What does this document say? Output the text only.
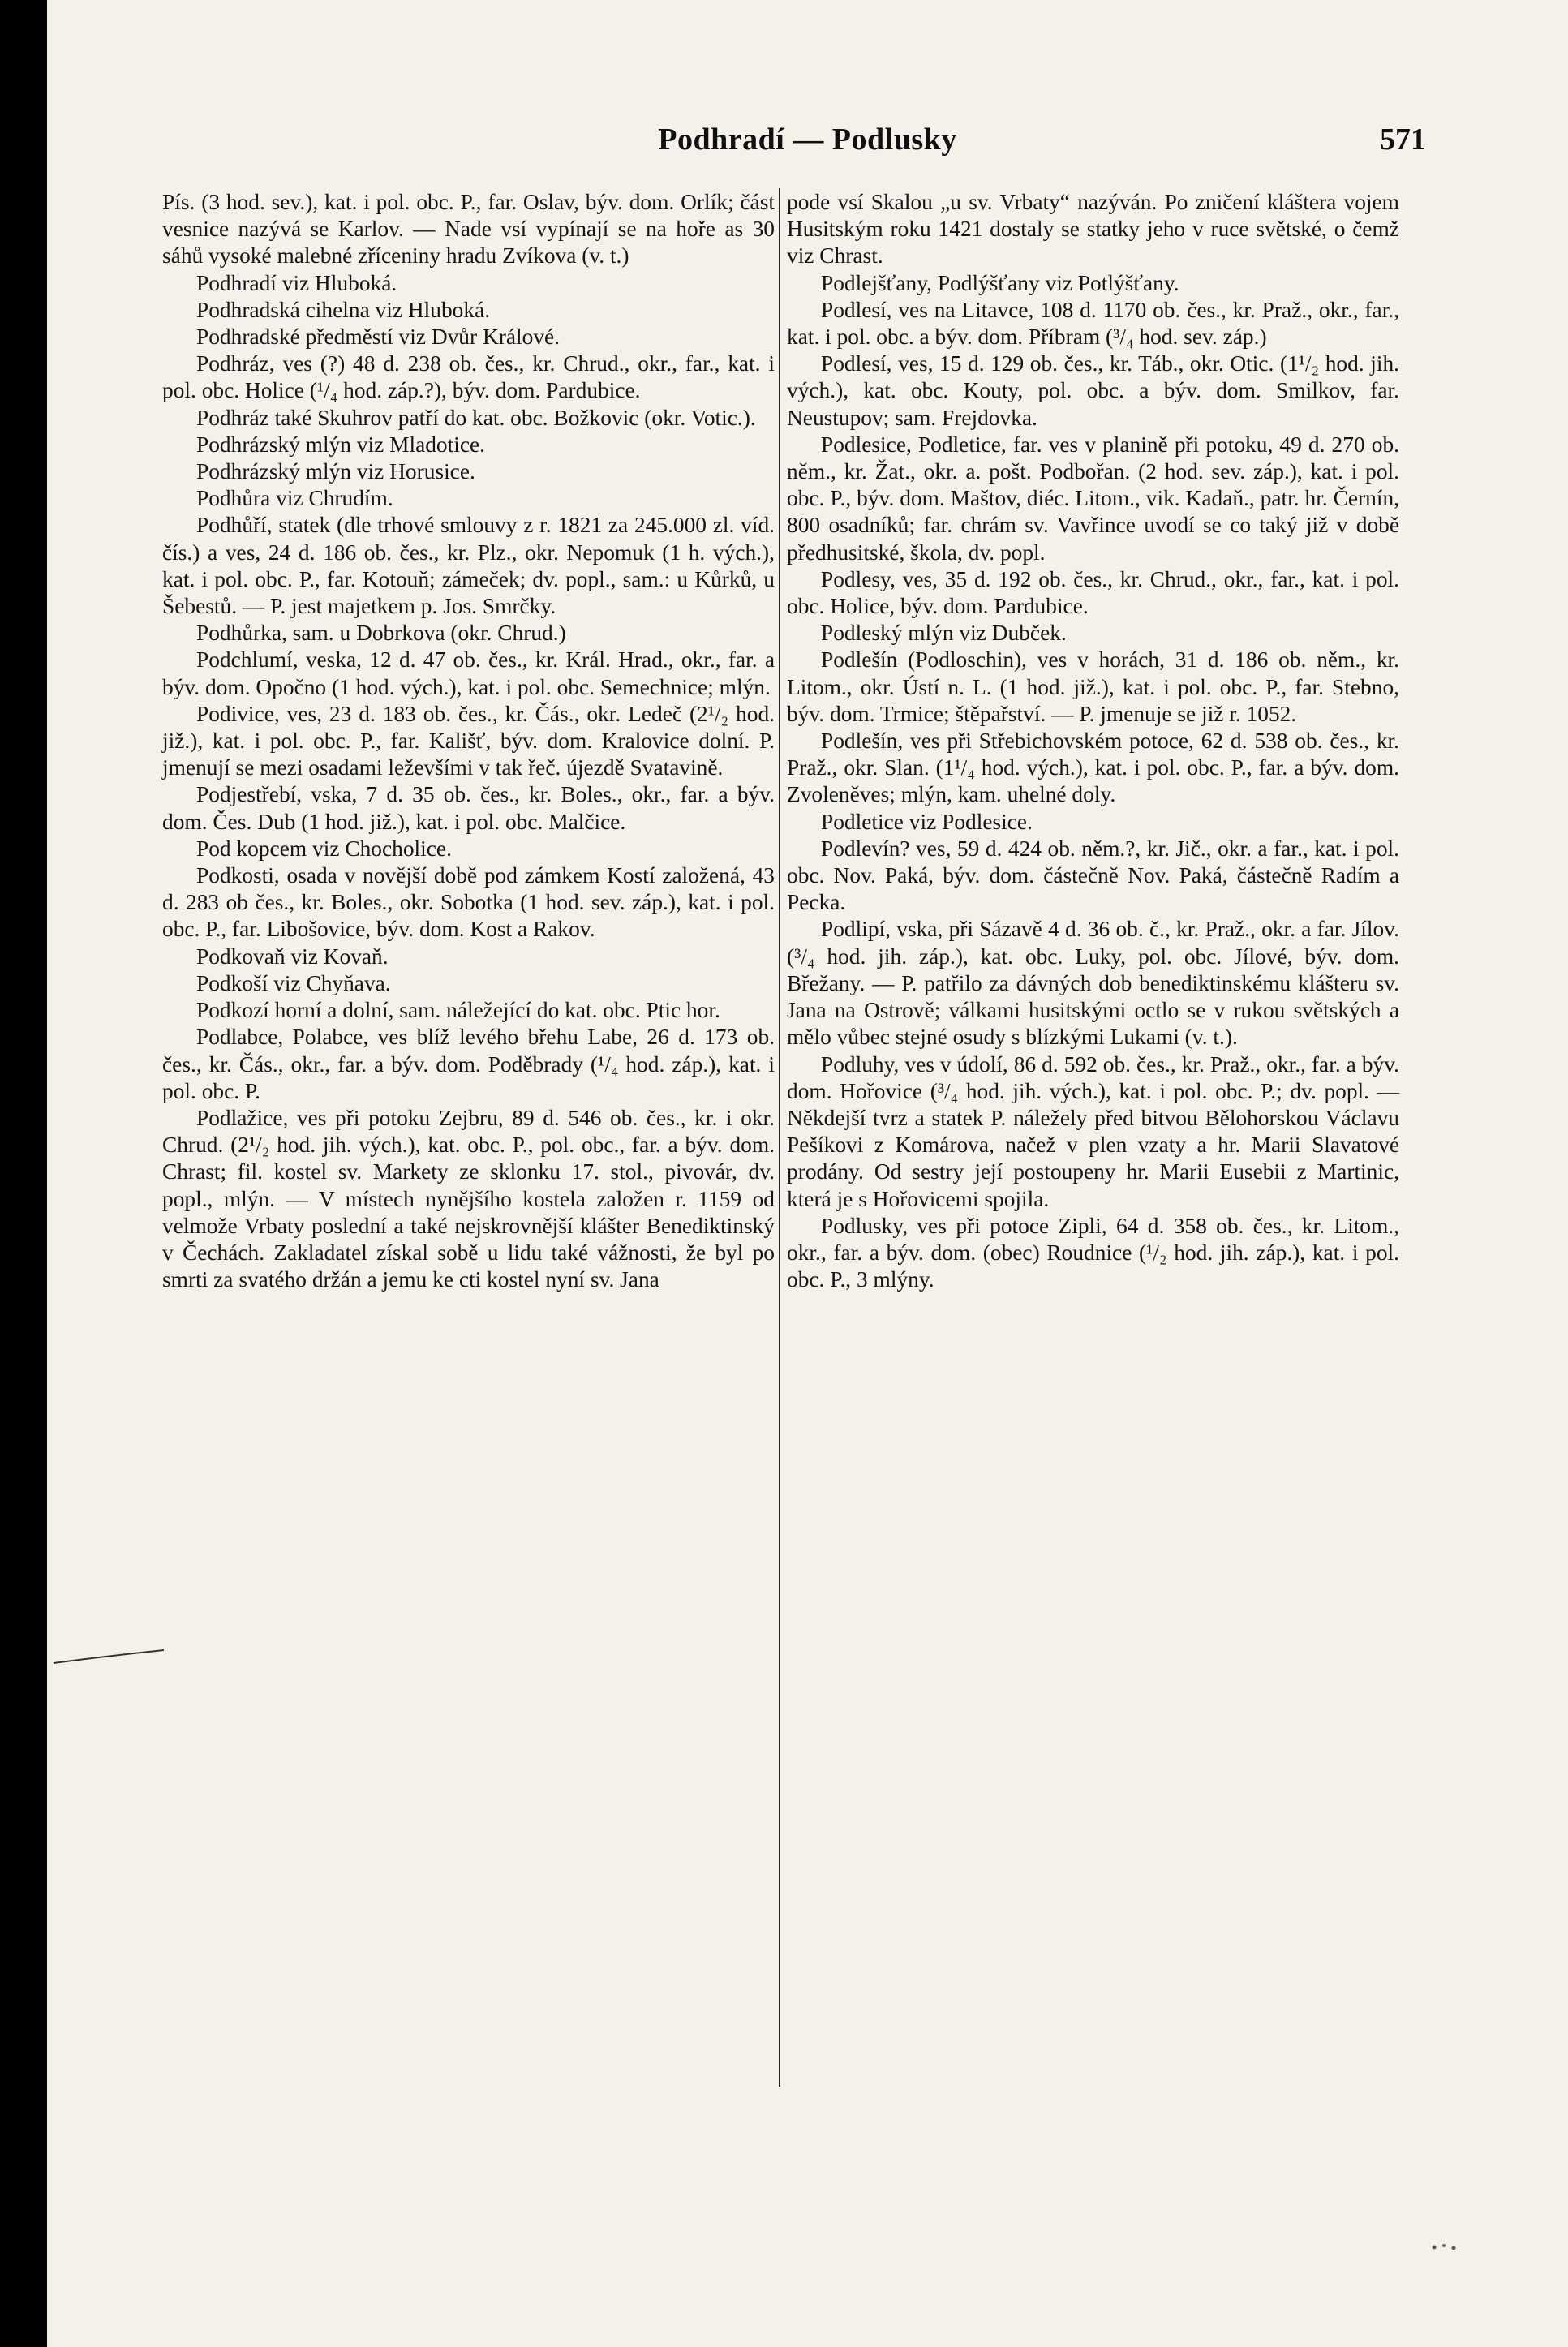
Podhradí — Podlusky	571

Pís. (3 hod. sev.), kat. i pol. obc. P., far. Oslav, býv. dom. Orlík; část vesnice nazývá se Karlov. — Nade vsí vypínají se na hoře as 30 sáhů vysoké malebné zříceniny hradu Zvíkova (v. t.)

Podhradí viz Hluboká.

Podhradská cihelna viz Hluboká.

Podhradské předměstí viz Dvůr Králové.

Podhráz, ves (?) 48 d. 238 ob. čes., kr. Chrud., okr., far., kat. i pol. obc. Holice (¹/₄ hod. záp.?), býv. dom. Pardubice.

Podhráz také Skuhrov patří do kat. obc. Božkovic (okr. Votic.).

Podhrázský mlýn viz Mladotice.

Podhrázský mlýn viz Horusice.

Podhůra viz Chrudím.

Podhůří, statek (dle trhové smlouvy z r. 1821 za 245.000 zl. víd. čís.) a ves, 24 d. 186 ob. čes., kr. Plz., okr. Nepomuk (1 h. vých.), kat. i pol. obc. P., far. Kotouň; zámeček; dv. popl., sam.: u Kůrků, u Šebestů. — P. jest majetkem p. Jos. Smrčky.

Podhůrka, sam. u Dobrkova (okr. Chrud.)

Podchlumí, veska, 12 d. 47 ob. čes., kr. Král. Hrad., okr., far. a býv. dom. Opočno (1 hod. vých.), kat. i pol. obc. Semechnice; mlýn.

Podivice, ves, 23 d. 183 ob. čes., kr. Čás., okr. Ledeč (2¹/₂ hod. již.), kat. i pol. obc. P., far. Kališť, býv. dom. Kralovice dolní. P. jmenují se mezi osadami leževšími v tak řeč. újezdě Svatavině.

Podjestřebí, vska, 7 d. 35 ob. čes., kr. Boles., okr., far. a býv. dom. Čes. Dub (1 hod. již.), kat. i pol. obc. Malčice.

Pod kopcem viz Chocholice.

Podkosti, osada v novější době pod zámkem Kostí založená, 43 d. 283 ob čes., kr. Boles., okr. Sobotka (1 hod. sev. záp.), kat. i pol. obc. P., far. Libošovice, býv. dom. Kost a Rakov.

Podkovaň viz Kovaň.

Podkoší viz Chyňava.

Podkozí horní a dolní, sam. náležející do kat. obc. Ptic hor.

Podlabce, Polabce, ves blíž levého břehu Labe, 26 d. 173 ob. čes., kr. Čás., okr., far. a býv. dom. Poděbrady (¹/₄ hod. záp.), kat. i pol. obc. P.

Podlažice, ves při potoku Zejbru, 89 d. 546 ob. čes., kr. i okr. Chrud. (2¹/₂ hod. jih. vých.), kat. obc. P., pol. obc., far. a býv. dom. Chrast; fil. kostel sv. Markety ze sklonku 17. stol., pivovár, dv. popl., mlýn. — V místech nynějšího kostela založen r. 1159 od velmože Vrbaty poslední a také nejskrovnější klášter Benediktinský v Čechách. Zakladatel získal sobě u lidu také vážnosti, že byl po smrti za svatého držán a jemu ke cti kostel nyní sv. Jana

pode vsí Skalou „u sv. Vrbaty“ nazýván. Po zničení kláštera vojem Husitským roku 1421 dostaly se statky jeho v ruce světské, o čemž viz Chrast.

Podlejšťany, Podlýšťany viz Potlýšťany.

Podlesí, ves na Litavce, 108 d. 1170 ob. čes., kr. Praž., okr., far., kat. i pol. obc. a býv. dom. Příbram (³/₄ hod. sev. záp.)

Podlesí, ves, 15 d. 129 ob. čes., kr. Táb., okr. Otic. (1¹/₂ hod. jih. vých.), kat. obc. Kouty, pol. obc. a býv. dom. Smilkov, far. Neustupov; sam. Frejdovka.

Podlesice, Podletice, far. ves v planině při potoku, 49 d. 270 ob. něm., kr. Žat., okr. a. pošt. Podbořan. (2 hod. sev. záp.), kat. i pol. obc. P., býv. dom. Maštov, diéc. Litom., vik. Kadaň., patr. hr. Černín, 800 osadníků; far. chrám sv. Vavřince uvodí se co taký již v době předhusitské, škola, dv. popl.

Podlesy, ves, 35 d. 192 ob. čes., kr. Chrud., okr., far., kat. i pol. obc. Holice, býv. dom. Pardubice.

Podleský mlýn viz Dubček.

Podlešín (Podloschin), ves v horách, 31 d. 186 ob. něm., kr. Litom., okr. Ústí n. L. (1 hod. již.), kat. i pol. obc. P., far. Stebno, býv. dom. Trmice; štěpařství. — P. jmenuje se již r. 1052.

Podlešín, ves při Střebichovském potoce, 62 d. 538 ob. čes., kr. Praž., okr. Slan. (1¹/₄ hod. vých.), kat. i pol. obc. P., far. a býv. dom. Zvoleněves; mlýn, kam. uhelné doly.

Podletice viz Podlesice.

Podlevín? ves, 59 d. 424 ob. něm.?, kr. Jič., okr. a far., kat. i pol. obc. Nov. Paká, býv. dom. částečně Nov. Paká, částečně Radím a Pecka.

Podlipí, vska, při Sázavě 4 d. 36 ob. č., kr. Praž., okr. a far. Jílov. (³/₄ hod. jih. záp.), kat. obc. Luky, pol. obc. Jílové, býv. dom. Břežany. — P. patřilo za dávných dob benediktinskému klášteru sv. Jana na Ostrově; válkami husitskými octlo se v rukou světských a mělo vůbec stejné osudy s blízkými Lukami (v. t.).

Podluhy, ves v údolí, 86 d. 592 ob. čes., kr. Praž., okr., far. a býv. dom. Hořovice (³/₄ hod. jih. vých.), kat. i pol. obc. P.; dv. popl. — Někdejší tvrz a statek P. náležely před bitvou Bělohorskou Václavu Pešíkovi z Komárova, načež v plen vzaty a hr. Marii Slavatové prodány. Od sestry její postoupeny hr. Marii Eusebii z Martinic, která je s Hořovicemi spojila.

Podlusky, ves při potoce Zipli, 64 d. 358 ob. čes., kr. Litom., okr., far. a býv. dom. (obec) Roudnice (¹/₂ hod. jih. záp.), kat. i pol. obc. P., 3 mlýny.
